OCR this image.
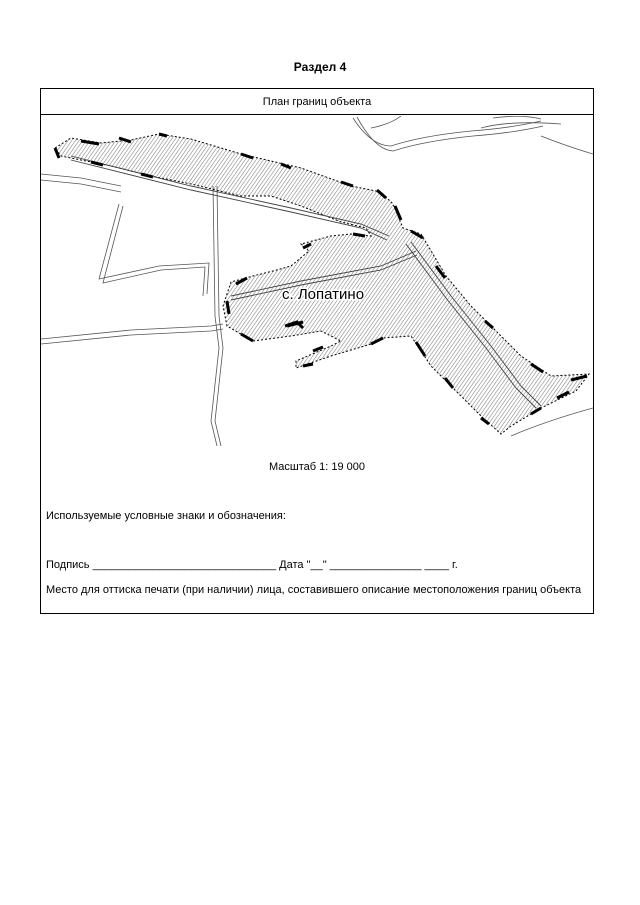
Раздел 4
План границ объекта
с. Лопатино
Масштаб 1: 19 000
Используемые условные знаки и обозначения:
Подпись ______________________________ Дата "__" _______________ ____ г.
Место для оттиска печати (при наличии) лица, составившего описание местоположения границ объекта
